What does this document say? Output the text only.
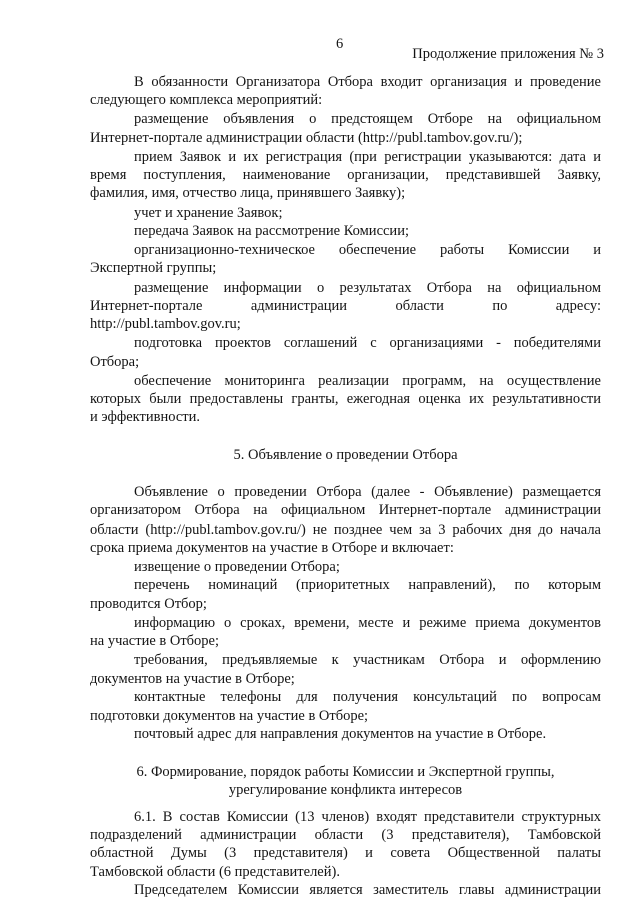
6
Продолжение приложения № 3
В обязанности Организатора Отбора входит организация и проведение
следующего комплекса мероприятий:
размещение объявления о предстоящем Отборе на официальном
Интернет-портале администрации области (http://publ.tambov.gov.ru/);
прием Заявок и их регистрация (при регистрации указываются: дата и
время поступления, наименование организации, представившей Заявку,
фамилия, имя, отчество лица, принявшего Заявку);
учет и хранение Заявок;
передача Заявок на рассмотрение Комиссии;
организационно-техническое обеспечение работы Комиссии и
Экспертной группы;
размещение информации о результатах Отбора на официальном
Интернет-портале администрации области по адресу:
http://publ.tambov.gov.ru;
подготовка проектов соглашений с организациями - победителями
Отбора;
обеспечение мониторинга реализации программ, на осуществление
которых были предоставлены гранты, ежегодная оценка их результативности
и эффективности.
5. Объявление о проведении Отбора
Объявление о проведении Отбора (далее - Объявление) размещается
организатором Отбора на официальном Интернет-портале администрации
области (http://publ.tambov.gov.ru/) не позднее чем за 3 рабочих дня до начала
срока приема документов на участие в Отборе и включает:
извещение о проведении Отбора;
перечень номинаций (приоритетных направлений), по которым
проводится Отбор;
информацию о сроках, времени, месте и режиме приема документов
на участие в Отборе;
требования, предъявляемые к участникам Отбора и оформлению
документов на участие в Отборе;
контактные телефоны для получения консультаций по вопросам
подготовки документов на участие в Отборе;
почтовый адрес для направления документов на участие в Отборе.
6. Формирование, порядок работы Комиссии и Экспертной группы,
урегулирование конфликта интересов
6.1. В состав Комиссии (13 членов) входят представители структурных
подразделений администрации области (3 представителя), Тамбовской
областной Думы (3 представителя) и совета Общественной палаты
Тамбовской области (6 представителей).
Председателем Комиссии является заместитель главы администрации
